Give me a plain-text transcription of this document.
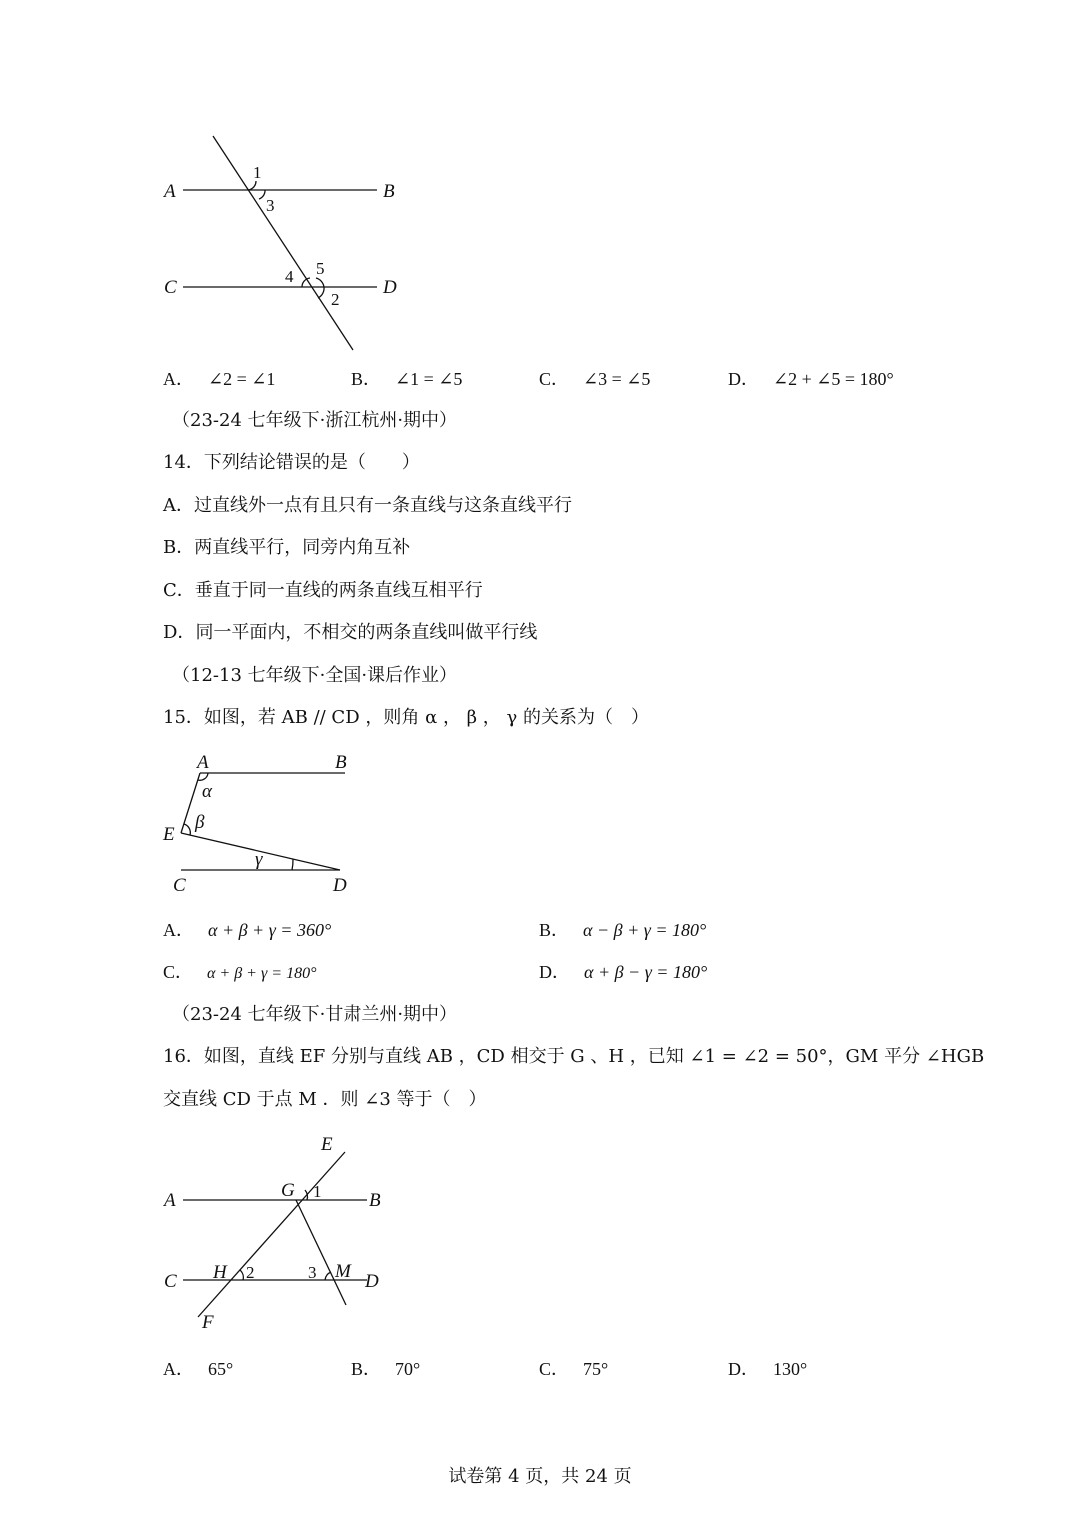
A	B
C	D
1
3
4 5
2
A． ∠2 = ∠1	B． ∠1 = ∠5	C． ∠3 = ∠5	D． ∠2 + ∠5 = 180°
（23-24 七年级下·浙江杭州·期中）
14．下列结论错误的是（　　）
A．过直线外一点有且只有一条直线与这条直线平行
B．两直线平行，同旁内角互补
C．垂直于同一直线的两条直线互相平行
D．同一平面内，不相交的两条直线叫做平行线
（12-13 七年级下·全国·课后作业）
15．如图，若 AB // CD ，则角 α ， β ， γ 的关系为（　）
A	B
E
C	D
α
β
γ
A． α + β + γ = 360°	B． α − β + γ = 180°
C． α + β + γ = 180°	D． α + β − γ = 180°
（23-24 七年级下·甘肃兰州·期中）
16．如图，直线 EF 分别与直线 AB ，CD 相交于 G 、H ，已知 ∠1 = ∠2 = 50°，GM 平分 ∠HGB
交直线 CD 于点 M ．则 ∠3 等于（　）
E
A	B
G 1
C H 2	3 M D
F
A． 65°	B． 70°	C． 75°	D． 130°
试卷第 4 页，共 24 页
